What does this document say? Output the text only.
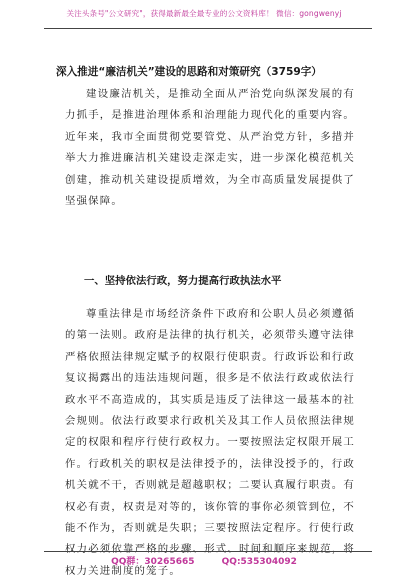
关注头条号"公文研究"，获得最新最全最专业的公文资料库！ 微信：gongwenyj
深入推进“廉洁机关”建设的思路和对策研究（3759字）

建设廉洁机关，是推动全面从严治党向纵深发展的有力抓手，是推进治理体系和治理能力现代化的重要内容。近年来，我市全面贯彻党要管党、从严治党方针，多措并举大力推进廉洁机关建设走深走实，进一步深化模范机关创建，推动机关建设提质增效，为全市高质量发展提供了坚强保障。

一、坚持依法行政，努力提高行政执法水平

尊重法律是市场经济条件下政府和公职人员必须遵循的第一法则。政府是法律的执行机关，必须带头遵守法律严格依照法律规定赋予的权限行使职责。行政诉讼和行政复议揭露出的违法违规问题，很多是不依法行政或依法行政水平不高造成的，其实质是违反了法律这一最基本的社会规则。依法行政要求行政机关及其工作人员依照法律规定的权限和程序行使行政权力。一要按照法定权限开展工作。行政机关的职权是法律授予的，法律没授予的，行政机关就不干，否则就是超越职权；二要认真履行职责。有权必有责，权责是对等的，该你管的事你必须管到位，不能不作为，否则就是失职；三要按照法定程序。行使行政权力必须依靠严格的步骤、形式、时间和顺序来规范，将权力关进制度的笼子。

QQ群：30265665	QQ:535304092
